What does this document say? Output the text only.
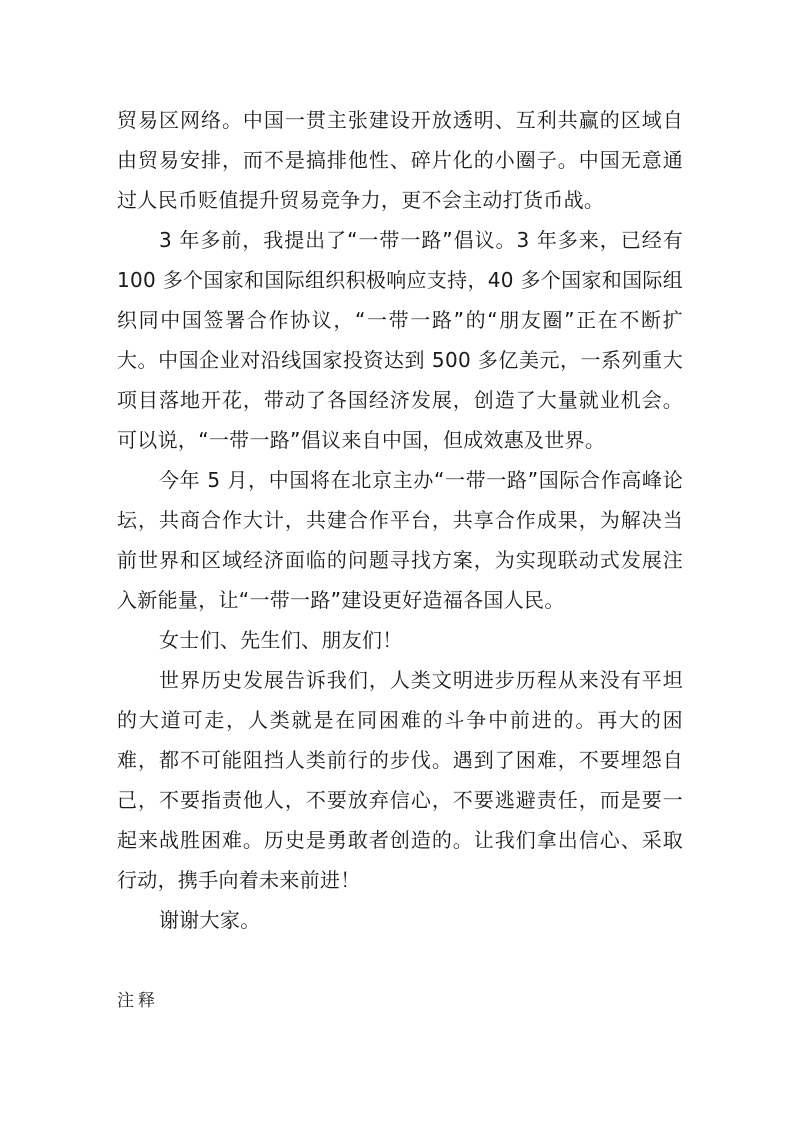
贸易区网络。中国一贯主张建设开放透明、互利共赢的区域自由贸易安排，而不是搞排他性、碎片化的小圈子。中国无意通过人民币贬值提升贸易竞争力，更不会主动打货币战。

3 年多前，我提出了“一带一路”倡议。3 年多来，已经有 100 多个国家和国际组织积极响应支持，40 多个国家和国际组织同中国签署合作协议，“一带一路”的“朋友圈”正在不断扩大。中国企业对沿线国家投资达到 500 多亿美元，一系列重大项目落地开花，带动了各国经济发展，创造了大量就业机会。可以说，“一带一路”倡议来自中国，但成效惠及世界。

今年 5 月，中国将在北京主办“一带一路”国际合作高峰论坛，共商合作大计，共建合作平台，共享合作成果，为解决当前世界和区域经济面临的问题寻找方案，为实现联动式发展注入新能量，让“一带一路”建设更好造福各国人民。

女士们、先生们、朋友们！

世界历史发展告诉我们，人类文明进步历程从来没有平坦的大道可走，人类就是在同困难的斗争中前进的。再大的困难，都不可能阻挡人类前行的步伐。遇到了困难，不要埋怨自己，不要指责他人，不要放弃信心，不要逃避责任，而是要一起来战胜困难。历史是勇敢者创造的。让我们拿出信心、采取行动，携手向着未来前进！

谢谢大家。

注释
